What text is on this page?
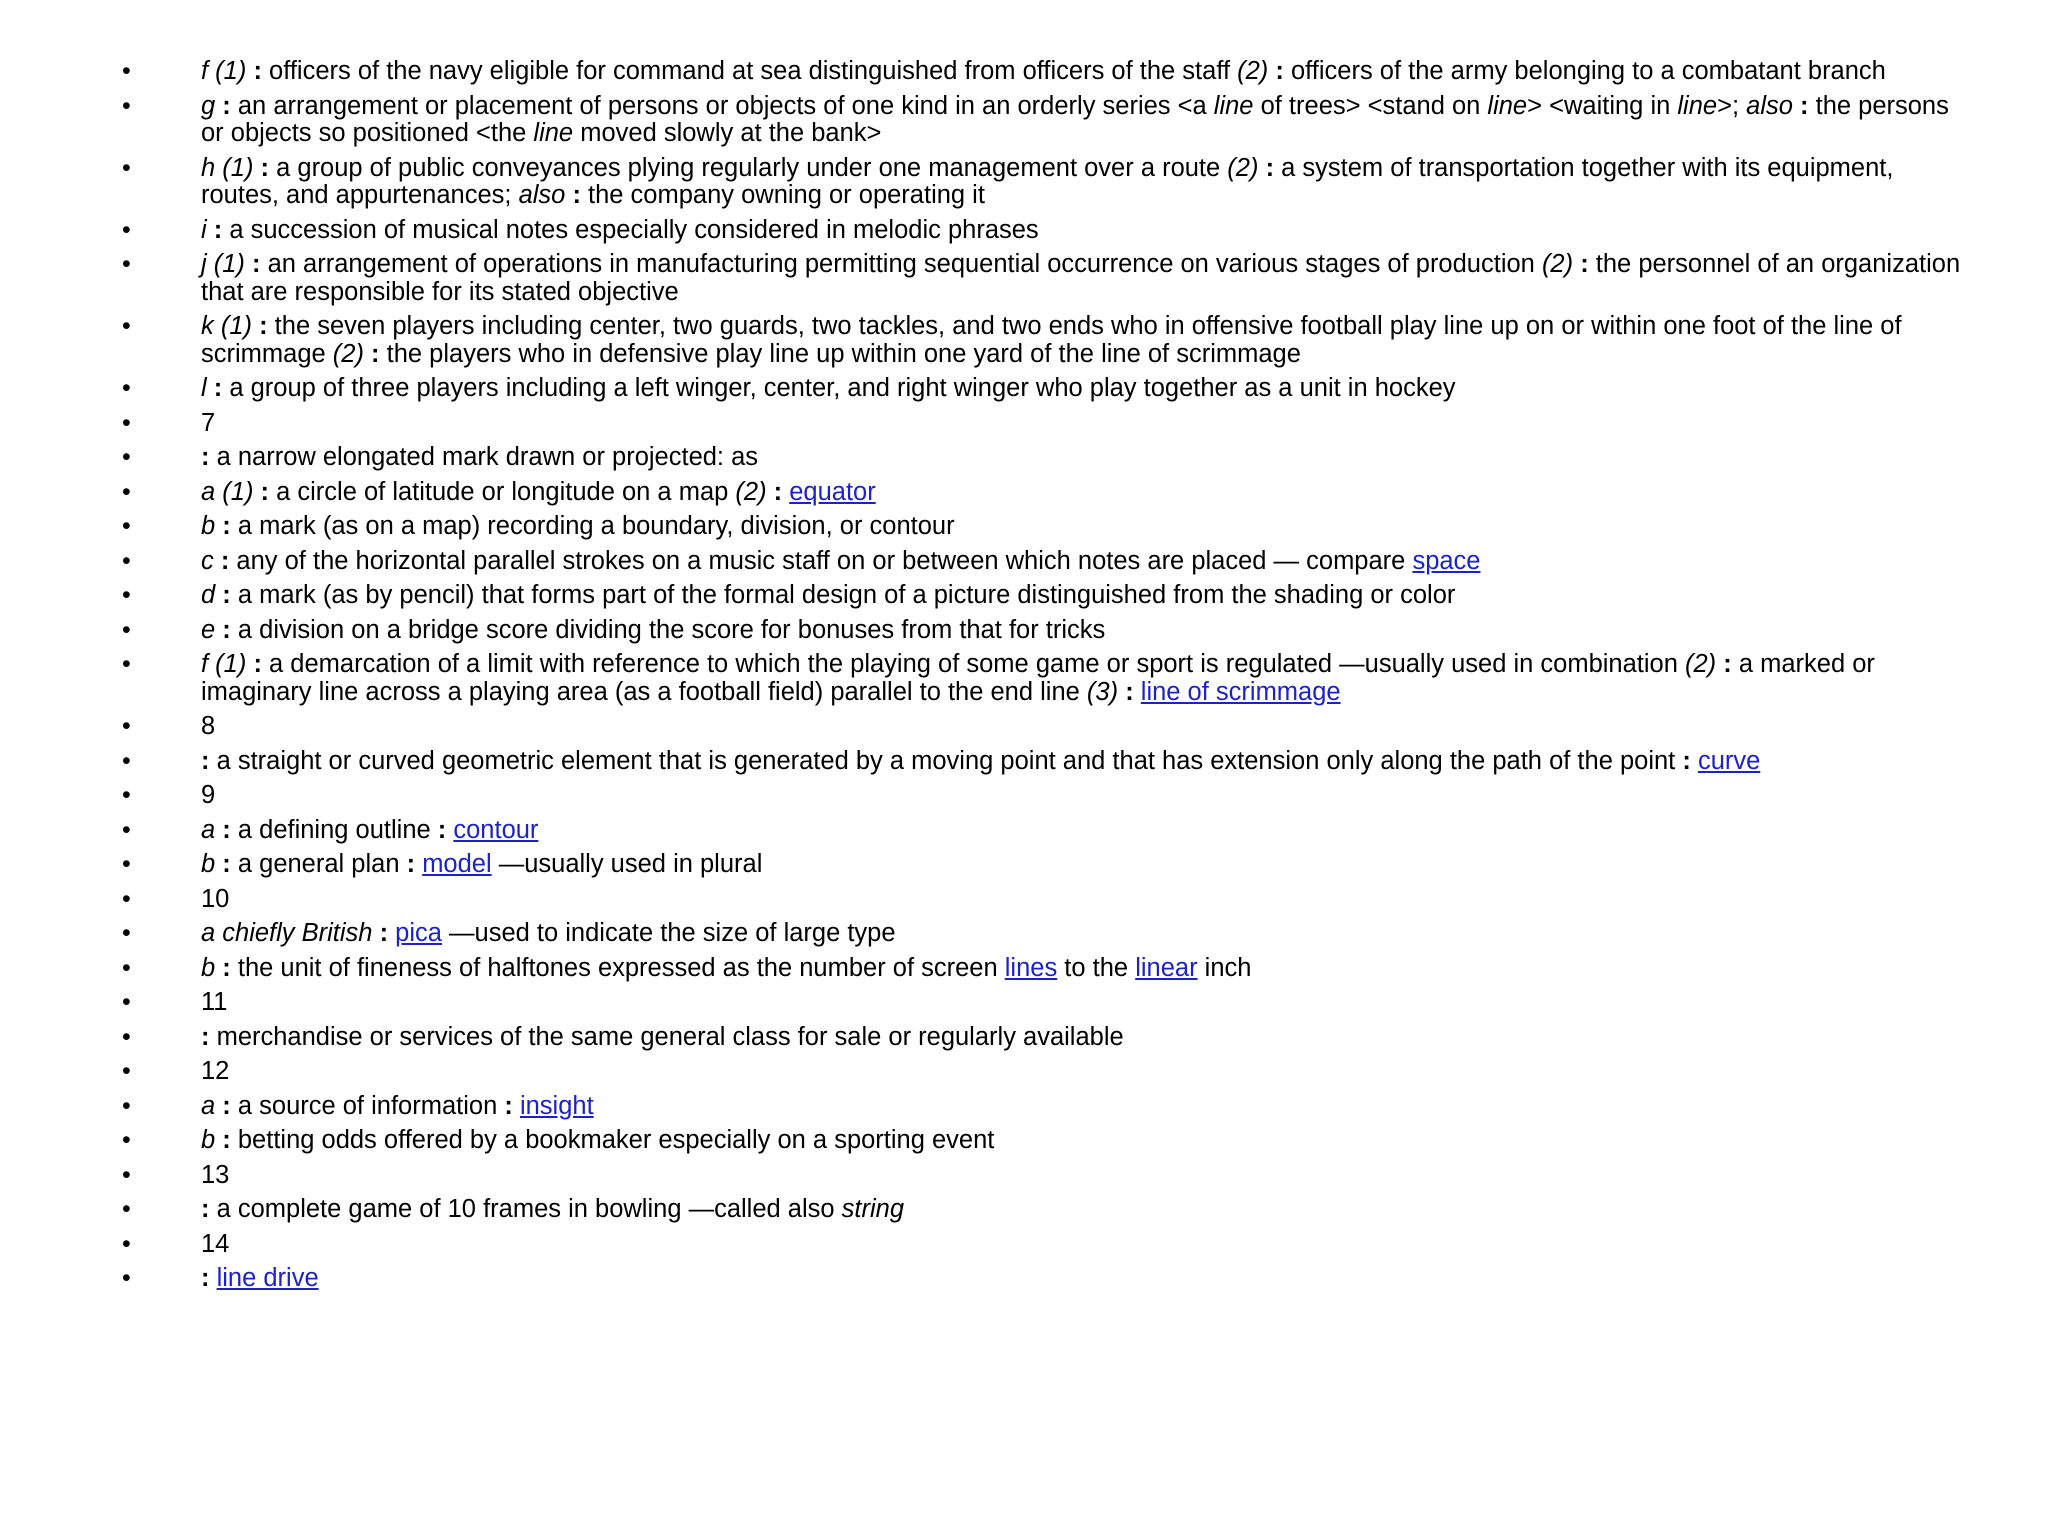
•	f (1) : officers of the navy eligible for command at sea distinguished from officers of the staff (2) : officers of the army belonging to a combatant branch
•	g : an arrangement or placement of persons or objects of one kind in an orderly series <a line of trees> <stand on line> <waiting in line>; also : the persons or objects so positioned <the line moved slowly at the bank>
•	h (1) : a group of public conveyances plying regularly under one management over a route (2) : a system of transportation together with its equipment, routes, and appurtenances; also : the company owning or operating it
•	i : a succession of musical notes especially considered in melodic phrases
•	j (1) : an arrangement of operations in manufacturing permitting sequential occurrence on various stages of production (2) : the personnel of an organization that are responsible for its stated objective
•	k (1) : the seven players including center, two guards, two tackles, and two ends who in offensive football play line up on or within one foot of the line of scrimmage (2) : the players who in defensive play line up within one yard of the line of scrimmage
•	l : a group of three players including a left winger, center, and right winger who play together as a unit in hockey
•	7
•	: a narrow elongated mark drawn or projected: as
•	a (1) : a circle of latitude or longitude on a map (2) : equator
•	b : a mark (as on a map) recording a boundary, division, or contour
•	c : any of the horizontal parallel strokes on a music staff on or between which notes are placed — compare space
•	d : a mark (as by pencil) that forms part of the formal design of a picture distinguished from the shading or color
•	e : a division on a bridge score dividing the score for bonuses from that for tricks
•	f (1) : a demarcation of a limit with reference to which the playing of some game or sport is regulated —usually used in combination (2) : a marked or imaginary line across a playing area (as a football field) parallel to the end line (3) : line of scrimmage
•	8
•	: a straight or curved geometric element that is generated by a moving point and that has extension only along the path of the point : curve
•	9
•	a : a defining outline : contour
•	b : a general plan : model —usually used in plural
•	10
•	a chiefly British : pica —used to indicate the size of large type
•	b : the unit of fineness of halftones expressed as the number of screen lines to the linear inch
•	11
•	: merchandise or services of the same general class for sale or regularly available
•	12
•	a : a source of information : insight
•	b : betting odds offered by a bookmaker especially on a sporting event
•	13
•	: a complete game of 10 frames in bowling —called also string
•	14
•	: line drive
